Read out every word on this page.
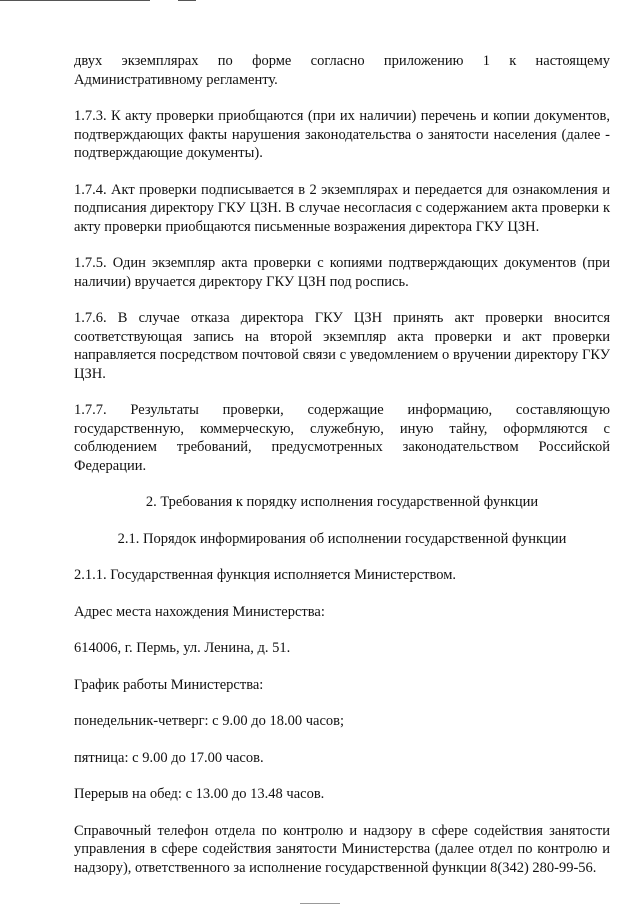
двух экземплярах по форме согласно приложению 1 к настоящему Административному регламенту.

1.7.3. К акту проверки приобщаются (при их наличии) перечень и копии документов, подтверждающих факты нарушения законодательства о занятости населения (далее - подтверждающие документы).

1.7.4. Акт проверки подписывается в 2 экземплярах и передается для ознакомления и подписания директору ГКУ ЦЗН. В случае несогласия с содержанием акта проверки к акту проверки приобщаются письменные возражения директора ГКУ ЦЗН.

1.7.5. Один экземпляр акта проверки с копиями подтверждающих документов (при наличии) вручается директору ГКУ ЦЗН под роспись.

1.7.6. В случае отказа директора ГКУ ЦЗН принять акт проверки вносится соответствующая запись на второй экземпляр акта проверки и акт проверки направляется посредством почтовой связи с уведомлением о вручении директору ГКУ ЦЗН.

1.7.7. Результаты проверки, содержащие информацию, составляющую государственную, коммерческую, служебную, иную тайну, оформляются с соблюдением требований, предусмотренных законодательством Российской Федерации.

2. Требования к порядку исполнения государственной функции
2.1. Порядок информирования об исполнении государственной функции

2.1.1. Государственная функция исполняется Министерством.

Адрес места нахождения Министерства:

614006, г. Пермь, ул. Ленина, д. 51.

График работы Министерства:

понедельник-четверг: с 9.00 до 18.00 часов;

пятница: с 9.00 до 17.00 часов.

Перерыв на обед: с 13.00 до 13.48 часов.

Справочный телефон отдела по контролю и надзору в сфере содействия занятости управления в сфере содействия занятости Министерства (далее отдел по контролю и надзору), ответственного за исполнение государственной функции 8(342) 280-99-56.
